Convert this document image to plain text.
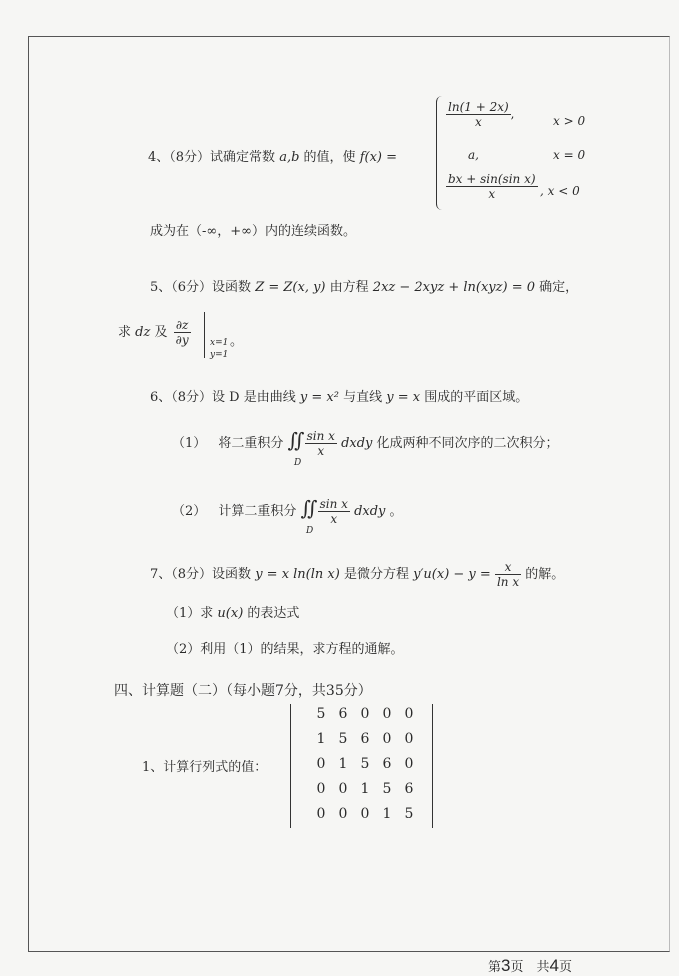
4、（8分）试确定常数 a,b 的值，使 f(x) =
$\frac{\ln(1 + 2x)}{x}$ ,	x > 0
a,	x = 0
$\frac{\text{bx + sin(sin x)}}{x}$ , x < 0
成为在（-∞，+∞）内的连续函数。
5、（6分）设函数 Z = Z(x, y) 由方程 2xz − 2xyz + ln(xyz) = 0 确定，
求 dz 及 $\frac{\partial z}{\partial y} x=1$
y=1
。
6、（8分）设 D 是由曲线 y = x² 与直线 y = x 围成的平面区域。
（1） 将二重积分 ∬ $\frac{\text{sin x}}{x}$ dxdy 化成两种不同次序的二次积分；
D
（2） 计算二重积分 ∬ $\frac{\text{sin x}}{x}$ dxdy 。
D
7、（8分）设函数 y = x ln(ln x) 是微分方程 $y'u(x) - y = \frac{x}{\text{ln x}}$ 的解。
（1）求 u(x) 的表达式
（2）利用（1）的结果，求方程的通解。
四、计算题（二）（每小题7分，共35分）
1、计算行列式的值：
5 6 0 0 0
1 5 6 0 0
0 1 5 6 0
0 0 1 5 6
0 0 0 1 5
第3页　共4页
